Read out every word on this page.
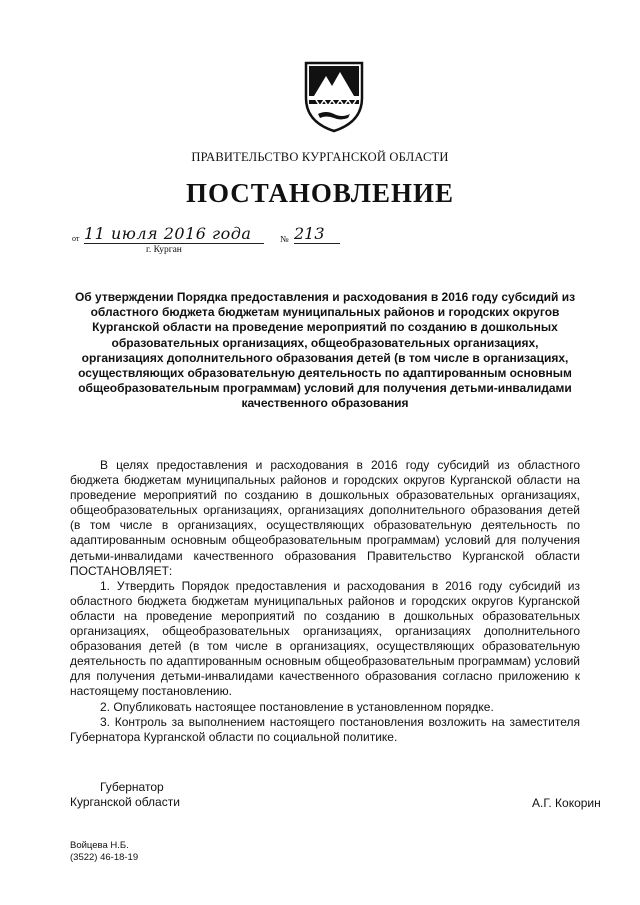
ПРАВИТЕЛЬСТВО КУРГАНСКОЙ ОБЛАСТИ
ПОСТАНОВЛЕНИЕ
от 11 июля 2016 года	№ 213
г. Курган
Об утверждении Порядка предоставления и расходования в 2016 году субсидий из областного бюджета бюджетам муниципальных районов и городских округов Курганской области на проведение мероприятий по созданию в дошкольных образовательных организациях, общеобразовательных организациях, организациях дополнительного образования детей (в том числе в организациях, осуществляющих образовательную деятельность по адаптированным основным общеобразовательным программам) условий для получения детьми-инвалидами качественного образования

В целях предоставления и расходования в 2016 году субсидий из областного бюджета бюджетам муниципальных районов и городских округов Курганской области на проведение мероприятий по созданию в дошкольных образовательных организациях, общеобразовательных организациях, организациях дополнительного образования детей (в том числе в организациях, осуществляющих образовательную деятельность по адаптированным основным общеобразовательным программам) условий для получения детьми-инвалидами качественного образования Правительство Курганской области ПОСТАНОВЛЯЕТ:

1. Утвердить Порядок предоставления и расходования в 2016 году субсидий из областного бюджета бюджетам муниципальных районов и городских округов Курганской области на проведение мероприятий по созданию в дошкольных образовательных организациях, общеобразовательных организациях, организациях дополнительного образования детей (в том числе в организациях, осуществляющих образовательную деятельность по адаптированным основным общеобразовательным программам) условий для получения детьми-инвалидами качественного образования согласно приложению к настоящему постановлению.

2. Опубликовать настоящее постановление в установленном порядке.

3. Контроль за выполнением настоящего постановления возложить на заместителя Губернатора Курганской области по социальной политике.

Губернатор
Курганской области	А.Г. Кокорин
Войцева Н.Б.
(3522) 46-18-19
